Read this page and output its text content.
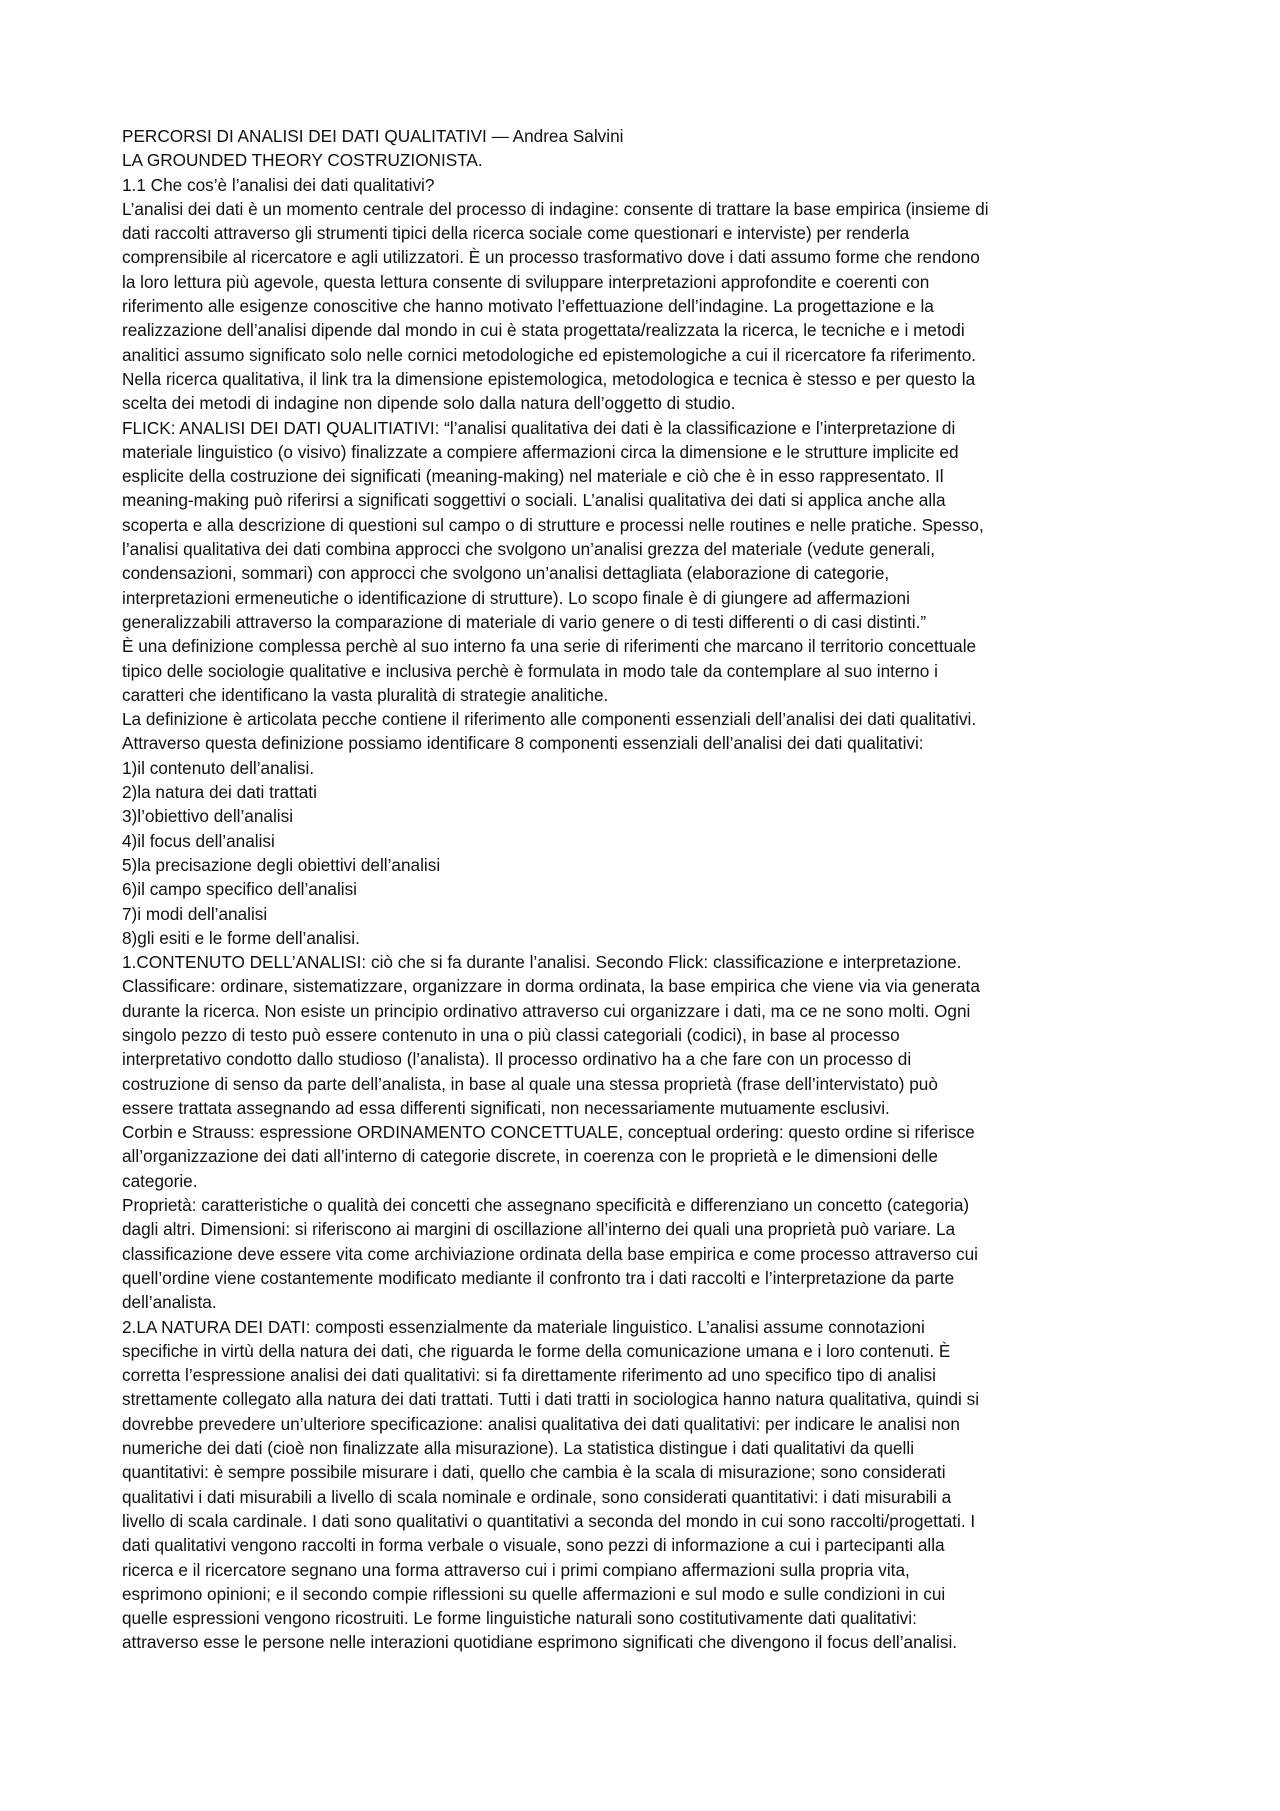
PERCORSI DI ANALISI DEI DATI QUALITATIVI — Andrea Salvini
LA GROUNDED THEORY COSTRUZIONISTA.
1.1 Che cos’è l’analisi dei dati qualitativi?
L’analisi dei dati è un momento centrale del processo di indagine: consente di trattare la base empirica (insieme di
dati raccolti attraverso gli strumenti tipici della ricerca sociale come questionari e interviste) per renderla
comprensibile al ricercatore e agli utilizzatori. È un processo trasformativo dove i dati assumo forme che rendono
la loro lettura più agevole, questa lettura consente di sviluppare interpretazioni approfondite e coerenti con
riferimento alle esigenze conoscitive che hanno motivato l’effettuazione dell’indagine. La progettazione e la
realizzazione dell’analisi dipende dal mondo in cui è stata progettata/realizzata la ricerca, le tecniche e i metodi
analitici assumo significato solo nelle cornici metodologiche ed epistemologiche a cui il ricercatore fa riferimento.
Nella ricerca qualitativa, il link tra la dimensione epistemologica, metodologica e tecnica è stesso e per questo la
scelta dei metodi di indagine non dipende solo dalla natura dell’oggetto di studio.
FLICK: ANALISI DEI DATI QUALITIATIVI: “l’analisi qualitativa dei dati è la classificazione e l’interpretazione di
materiale linguistico (o visivo) finalizzate a compiere affermazioni circa la dimensione e le strutture implicite ed
esplicite della costruzione dei significati (meaning-making) nel materiale e ciò che è in esso rappresentato. Il
meaning-making può riferirsi a significati soggettivi o sociali. L’analisi qualitativa dei dati si applica anche alla
scoperta e alla descrizione di questioni sul campo o di strutture e processi nelle routines e nelle pratiche. Spesso,
l’analisi qualitativa dei dati combina approcci che svolgono un’analisi grezza del materiale (vedute generali,
condensazioni, sommari) con approcci che svolgono un’analisi dettagliata (elaborazione di categorie,
interpretazioni ermeneutiche o identificazione di strutture). Lo scopo finale è di giungere ad affermazioni
generalizzabili attraverso la comparazione di materiale di vario genere o di testi differenti o di casi distinti.”
È una definizione complessa perchè al suo interno fa una serie di riferimenti che marcano il territorio concettuale
tipico delle sociologie qualitative e inclusiva perchè è formulata in modo tale da contemplare al suo interno i
caratteri che identificano la vasta pluralità di strategie analitiche.
La definizione è articolata pecche contiene il riferimento alle componenti essenziali dell’analisi dei dati qualitativi.
Attraverso questa definizione possiamo identificare 8 componenti essenziali dell’analisi dei dati qualitativi:
1)il contenuto dell’analisi.
2)la natura dei dati trattati
3)l’obiettivo dell’analisi
4)il focus dell’analisi
5)la precisazione degli obiettivi dell’analisi
6)il campo specifico dell’analisi
7)i modi dell’analisi
8)gli esiti e le forme dell’analisi.
1.CONTENUTO DELL’ANALISI: ciò che si fa durante l’analisi. Secondo Flick: classificazione e interpretazione.
Classificare: ordinare, sistematizzare, organizzare in dorma ordinata, la base empirica che viene via via generata
durante la ricerca. Non esiste un principio ordinativo attraverso cui organizzare i dati, ma ce ne sono molti. Ogni
singolo pezzo di testo può essere contenuto in una o più classi categoriali (codici), in base al processo
interpretativo condotto dallo studioso (l’analista). Il processo ordinativo ha a che fare con un processo di
costruzione di senso da parte dell’analista, in base al quale una stessa proprietà (frase dell’intervistato) può
essere trattata assegnando ad essa differenti significati, non necessariamente mutuamente esclusivi.
Corbin e Strauss: espressione ORDINAMENTO CONCETTUALE, conceptual ordering: questo ordine si riferisce
all’organizzazione dei dati all’interno di categorie discrete, in coerenza con le proprietà e le dimensioni delle
categorie.
Proprietà: caratteristiche o qualità dei concetti che assegnano specificità e differenziano un concetto (categoria)
dagli altri. Dimensioni: si riferiscono ai margini di oscillazione all’interno dei quali una proprietà può variare. La
classificazione deve essere vita come archiviazione ordinata della base empirica e come processo attraverso cui
quell’ordine viene costantemente modificato mediante il confronto tra i dati raccolti e l’interpretazione da parte
dell’analista.
2.LA NATURA DEI DATI: composti essenzialmente da materiale linguistico. L’analisi assume connotazioni
specifiche in virtù della natura dei dati, che riguarda le forme della comunicazione umana e i loro contenuti. È
corretta l’espressione analisi dei dati qualitativi: si fa direttamente riferimento ad uno specifico tipo di analisi
strettamente collegato alla natura dei dati trattati. Tutti i dati tratti in sociologica hanno natura qualitativa, quindi si
dovrebbe prevedere un’ulteriore specificazione: analisi qualitativa dei dati qualitativi: per indicare le analisi non
numeriche dei dati (cioè non finalizzate alla misurazione). La statistica distingue i dati qualitativi da quelli
quantitativi: è sempre possibile misurare i dati, quello che cambia è la scala di misurazione; sono considerati
qualitativi i dati misurabili a livello di scala nominale e ordinale, sono considerati quantitativi: i dati misurabili a
livello di scala cardinale. I dati sono qualitativi o quantitativi a seconda del mondo in cui sono raccolti/progettati. I
dati qualitativi vengono raccolti in forma verbale o visuale, sono pezzi di informazione a cui i partecipanti alla
ricerca e il ricercatore segnano una forma attraverso cui i primi compiano affermazioni sulla propria vita,
esprimono opinioni; e il secondo compie riflessioni su quelle affermazioni e sul modo e sulle condizioni in cui
quelle espressioni vengono ricostruiti. Le forme linguistiche naturali sono costitutivamente dati qualitativi:
attraverso esse le persone nelle interazioni quotidiane esprimono significati che divengono il focus dell’analisi.
